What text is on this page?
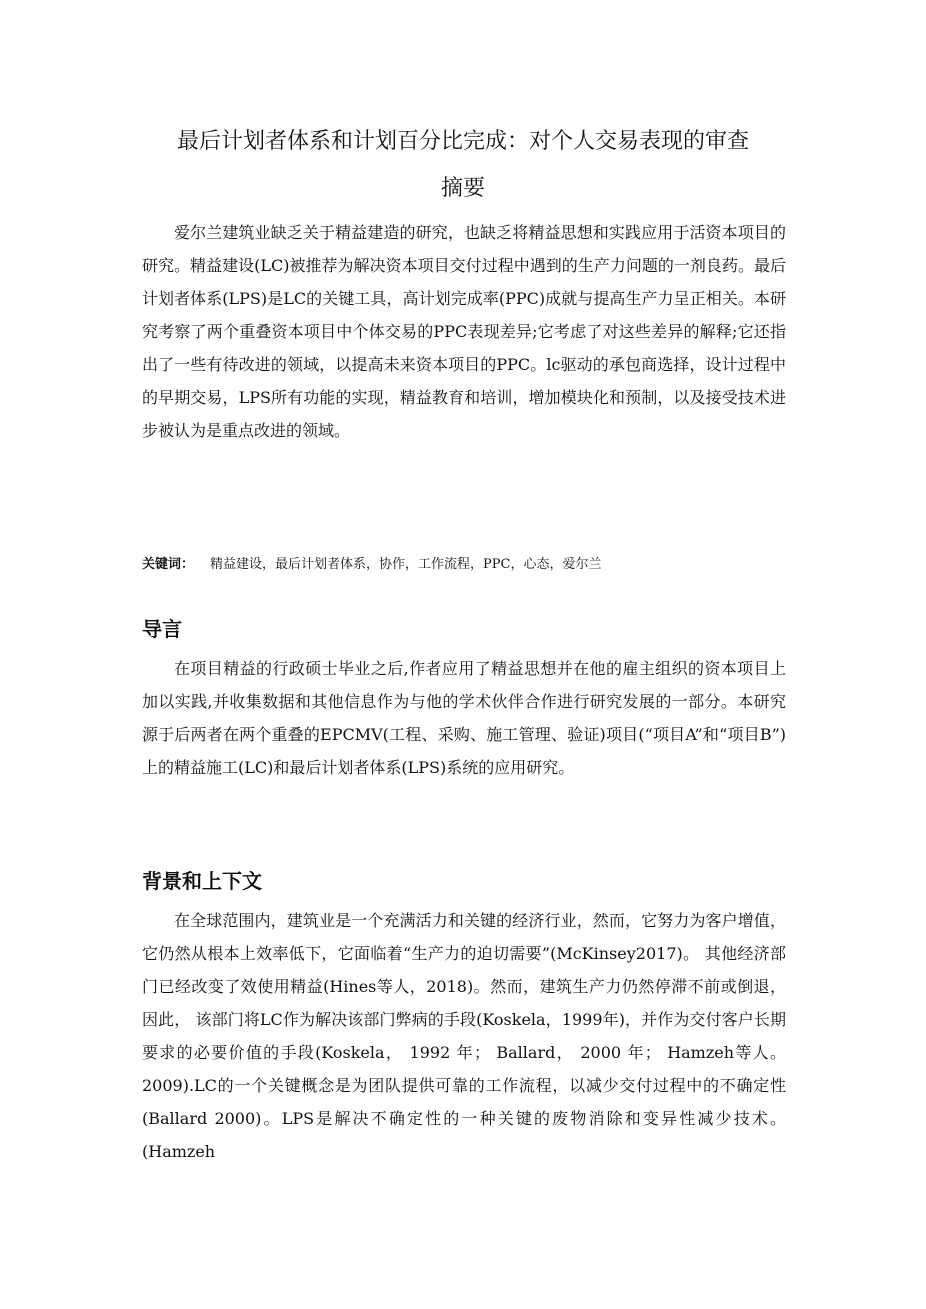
最后计划者体系和计划百分比完成：对个人交易表现的审查
摘要

爱尔兰建筑业缺乏关于精益建造的研究，也缺乏将精益思想和实践应用于活资本项目的研究。精益建设(LC)被推荐为解决资本项目交付过程中遇到的生产力问题的一剂良药。最后计划者体系(LPS)是LC的关键工具，高计划完成率(PPC)成就与提高生产力呈正相关。本研究考察了两个重叠资本项目中个体交易的PPC表现差异;它考虑了对这些差异的解释;它还指出了一些有待改进的领域，以提高未来资本项目的PPC。lc驱动的承包商选择，设计过程中的早期交易，LPS所有功能的实现，精益教育和培训，增加模块化和预制，以及接受技术进步被认为是重点改进的领域。

关键词： 精益建设，最后计划者体系，协作，工作流程，PPC，心态，爱尔兰
导言

在项目精益的行政硕士毕业之后,作者应用了精益思想并在他的雇主组织的资本项目上加以实践,并收集数据和其他信息作为与他的学术伙伴合作进行研究发展的一部分。本研究源于后两者在两个重叠的EPCMV(工程、采购、施工管理、验证)项目(“项目A”和“项目B”)上的精益施工(LC)和最后计划者体系(LPS)系统的应用研究。

背景和上下文

在全球范围内，建筑业是一个充满活力和关键的经济行业，然而，它努力为客户增值，它仍然从根本上效率低下，它面临着“生产力的迫切需要”(McKinsey2017)。 其他经济部门已经改变了效使用精益(Hines等人，2018)。然而，建筑生产力仍然停滞不前或倒退，因此， 该部门将LC作为解决该部门弊病的手段(Koskela，1999年)，并作为交付客户长期要求的必要价值的手段(Koskela， 1992 年； Ballard， 2000 年； Hamzeh等人。2009).LC的一个关键概念是为团队提供可靠的工作流程，以减少交付过程中的不确定性(Ballard 2000)。LPS是解决不确定性的一种关键的废物消除和变异性减少技术。(Hamzeh
